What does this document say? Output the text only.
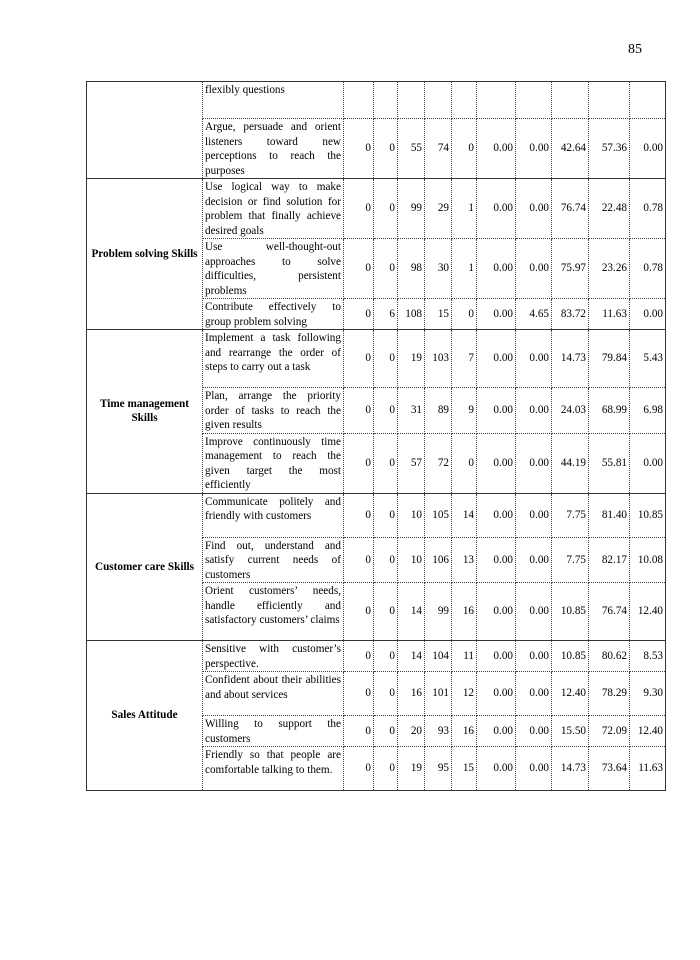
85
	flexibly questions										
	Argue, persuade and orient listeners toward new perceptions to reach the purposes	0	0	55	74	0	0.00	0.00	42.64	57.36	0.00
Problem solving Skills	Use logical way to make decision or find solution for problem that finally achieve desired goals	0	0	99	29	1	0.00	0.00	76.74	22.48	0.78
	Use well-thought-out approaches to solve difficulties, persistent problems	0	0	98	30	1	0.00	0.00	75.97	23.26	0.78
	Contribute effectively to group problem solving	0	6	108	15	0	0.00	4.65	83.72	11.63	0.00
Time management Skills	Implement a task following and rearrange the order of steps to carry out a task	0	0	19	103	7	0.00	0.00	14.73	79.84	5.43
	Plan, arrange the priority order of tasks to reach the given results	0	0	31	89	9	0.00	0.00	24.03	68.99	6.98
	Improve continuously time management to reach the given target the most efficiently	0	0	57	72	0	0.00	0.00	44.19	55.81	0.00
Customer care Skills	Communicate politely and friendly with customers	0	0	10	105	14	0.00	0.00	7.75	81.40	10.85
	Find out, understand and satisfy current needs of customers	0	0	10	106	13	0.00	0.00	7.75	82.17	10.08
	Orient customers’ needs, handle efficiently and satisfactory customers’ claims	0	0	14	99	16	0.00	0.00	10.85	76.74	12.40
Sales Attitude	Sensitive with customer’s perspective.	0	0	14	104	11	0.00	0.00	10.85	80.62	8.53
	Confident about their abilities and about services	0	0	16	101	12	0.00	0.00	12.40	78.29	9.30
	Willing to support the customers	0	0	20	93	16	0.00	0.00	15.50	72.09	12.40
	Friendly so that people are comfortable talking to them.	0	0	19	95	15	0.00	0.00	14.73	73.64	11.63
